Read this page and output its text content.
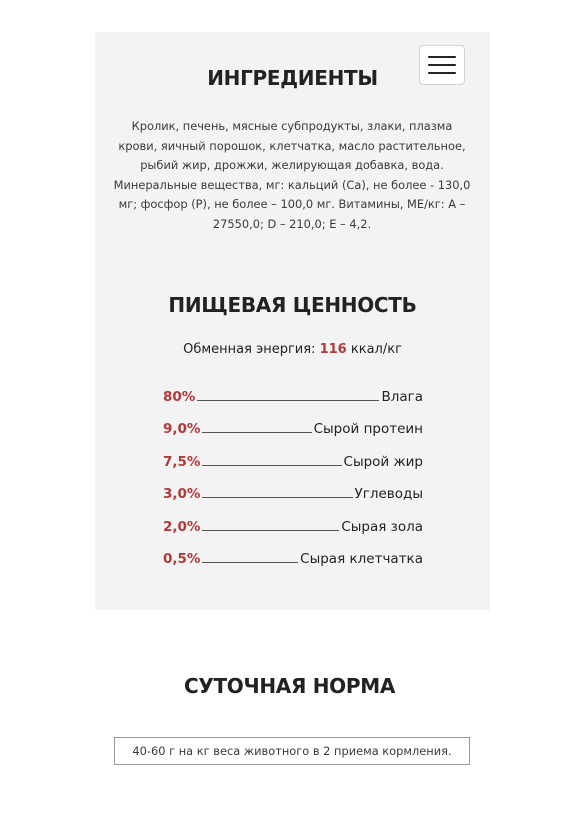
ИНГРЕДИЕНТЫ

Кролик, печень, мясные субпродукты, злаки, плазма крови, яичный порошок, клетчатка, масло растительное, рыбий жир, дрожжи, желирующая добавка, вода. Минеральные вещества, мг: кальций (Са), не более - 130,0 мг; фосфор (Р), не более – 100,0 мг. Витамины, МЕ/кг: А – 27550,0; D – 210,0; Е – 4,2.

ПИЩЕВАЯ ЦЕННОСТЬ
Обменная энергия: 116 ккал/кг
80%	Влага
9,0%	Сырой протеин
7,5%	Сырой жир
3,0%	Углеводы
2,0%	Сырая зола
0,5%	Сырая клетчатка
СУТОЧНАЯ НОРМА
40-60 г на кг веса животного в 2 приема кормления.
